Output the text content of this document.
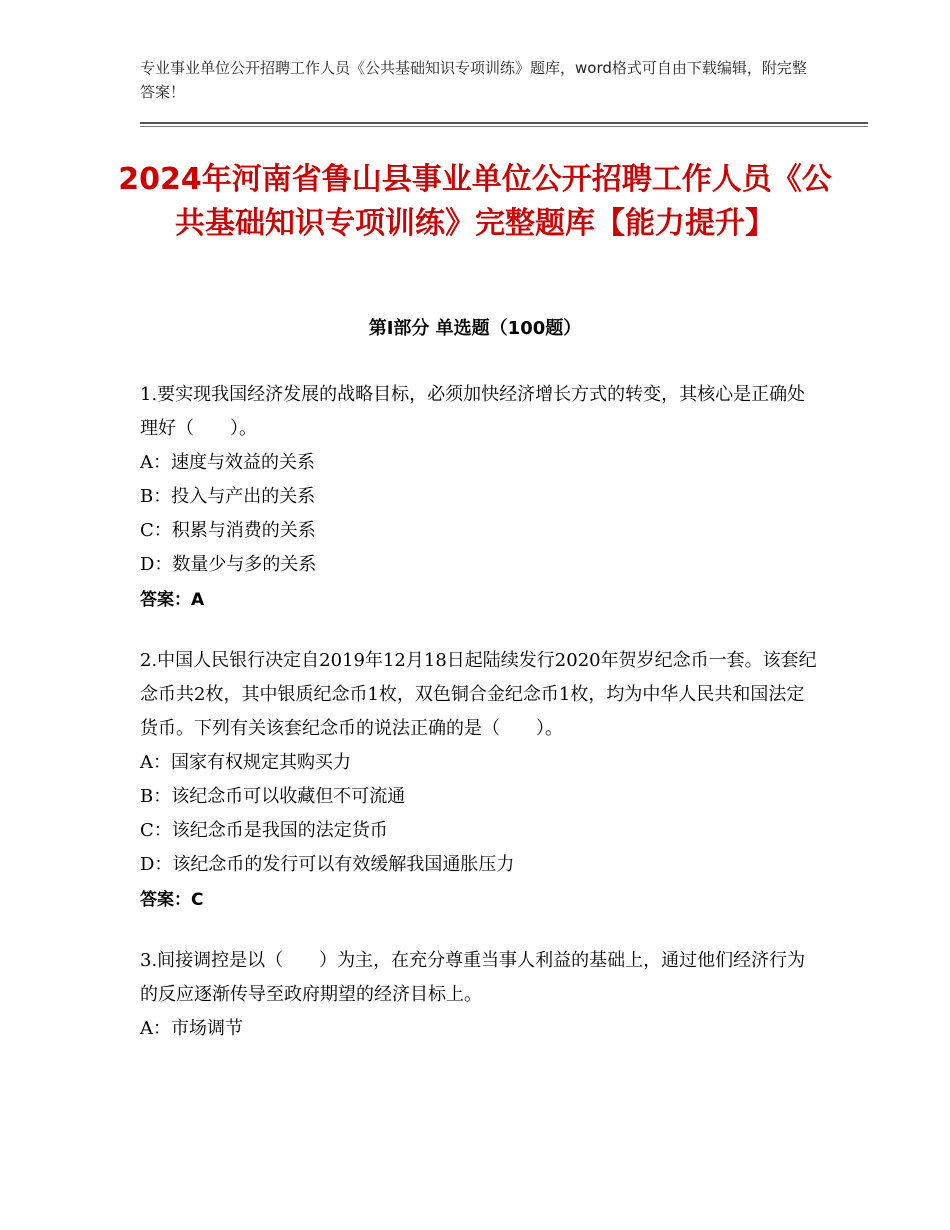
专业事业单位公开招聘工作人员《公共基础知识专项训练》题库，word格式可自由下载编辑，附完整答案！
2024年河南省鲁山县事业单位公开招聘工作人员《公共基础知识专项训练》完整题库【能力提升】
第Ⅰ部分 单选题（100题）

1.要实现我国经济发展的战略目标，必须加快经济增长方式的转变，其核心是正确处理好（　　）。

A：速度与效益的关系

B：投入与产出的关系

C：积累与消费的关系

D：数量少与多的关系

答案：A

2.中国人民银行决定自2019年12月18日起陆续发行2020年贺岁纪念币一套。该套纪念币共2枚，其中银质纪念币1枚，双色铜合金纪念币1枚，均为中华人民共和国法定货币。下列有关该套纪念币的说法正确的是（　　）。

A：国家有权规定其购买力

B：该纪念币可以收藏但不可流通

C：该纪念币是我国的法定货币

D：该纪念币的发行可以有效缓解我国通胀压力

答案：C

3.间接调控是以（　　）为主，在充分尊重当事人利益的基础上，通过他们经济行为的反应逐渐传导至政府期望的经济目标上。

A：市场调节
